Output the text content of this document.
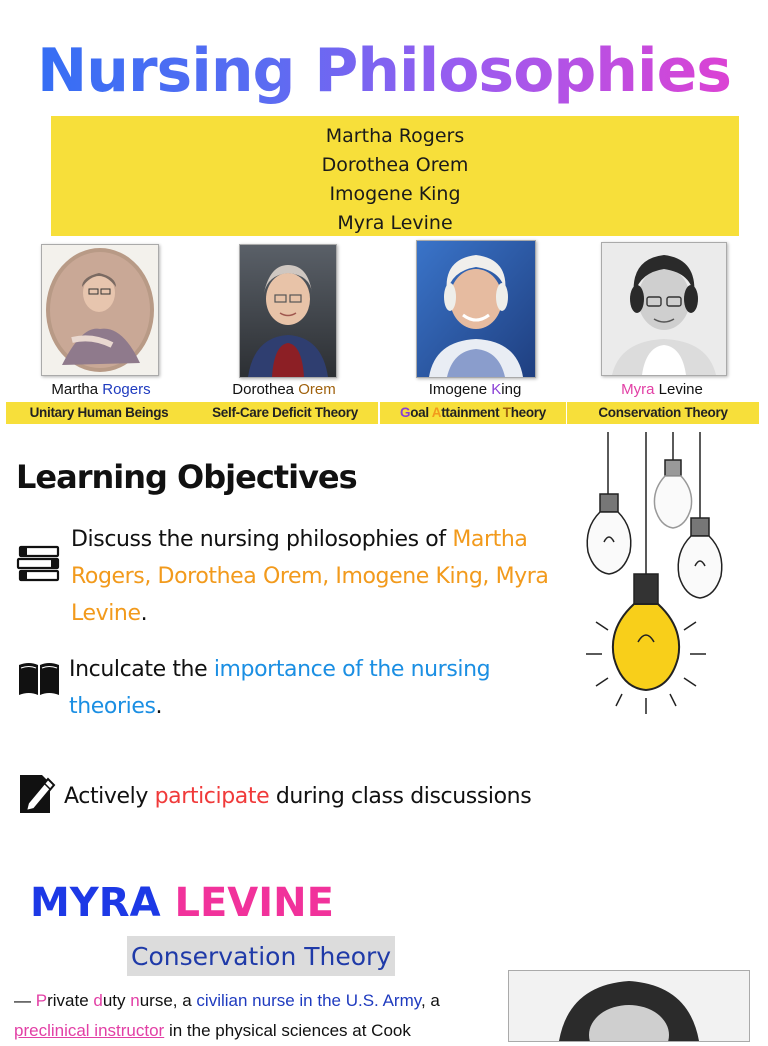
Nursing Philosophies
Martha Rogers
Dorothea Orem
Imogene King
Myra Levine
Martha Rogers
Unitary Human Beings
Dorothea Orem
Self-Care Deficit Theory
Imogene King
Goal Attainment Theory
Myra Levine
Conservation Theory
Learning Objectives
Discuss the nursing philosophies of Martha Rogers, Dorothea Orem, Imogene King, Myra Levine.
Inculcate the importance of the nursing theories.
Actively participate during class discussions
MYRA LEVINE
Conservation Theory
— Private duty nurse, a civilian nurse in the U.S. Army, a
preclinical instructor in the physical sciences at Cook
